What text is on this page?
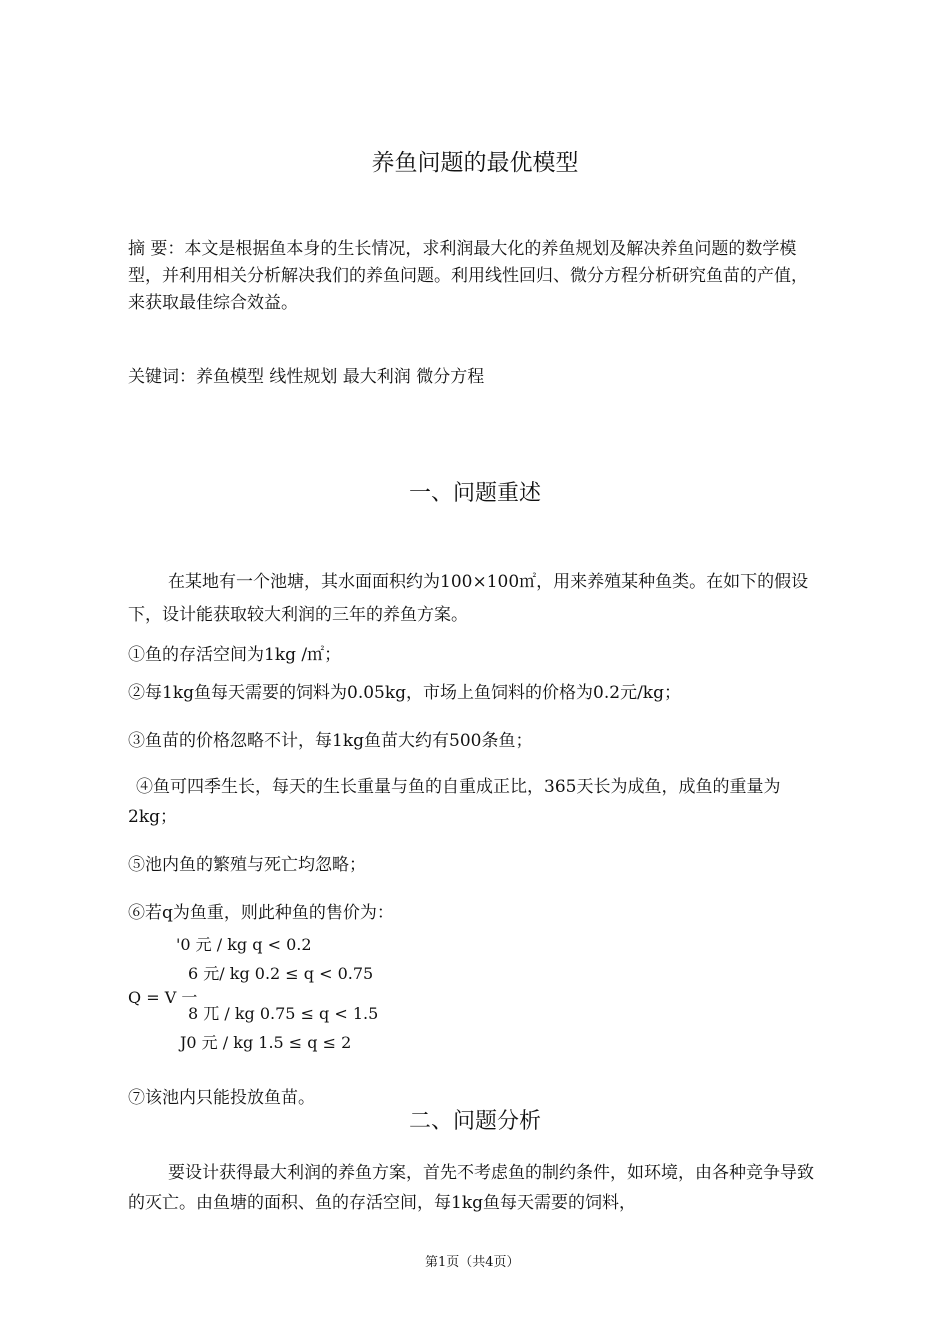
养鱼问题的最优模型
摘 要：本文是根据鱼本身的生长情况，求利润最大化的养鱼规划及解决养鱼问题的数学模型，并利用相关分析解决我们的养鱼问题。利用线性回归、微分方程分析研究鱼苗的产值，来获取最佳综合效益。
关键词：养鱼模型 线性规划 最大利润 微分方程
一、问题重述
在某地有一个池塘，其水面面积约为100×100㎡，用来养殖某种鱼类。在如下的假设下，设计能获取较大利润的三年的养鱼方案。
①鱼的存活空间为1kg /㎡；
②每1kg鱼每天需要的饲料为0.05kg，市场上鱼饲料的价格为0.2元/kg；
③鱼苗的价格忽略不计，每1kg鱼苗大约有500条鱼；
④鱼可四季生长，每天的生长重量与鱼的自重成正比，365天长为成鱼，成鱼的重量为2kg；
⑤池内鱼的繁殖与死亡均忽略；
⑥若q为鱼重，则此种鱼的售价为：
'0 元 / kg q < 0.2
6 元/ kg 0.2 ≤ q < 0.75
Q = V 一
8 兀 / kg 0.75 ≤ q < 1.5
J0 元 / kg 1.5 ≤ q ≤ 2
⑦该池内只能投放鱼苗。
二、问题分析
要设计获得最大利润的养鱼方案，首先不考虑鱼的制约条件，如环境，由各种竞争导致的灭亡。由鱼塘的面积、鱼的存活空间，每1kg鱼每天需要的饲料，
第1页（共4页）
